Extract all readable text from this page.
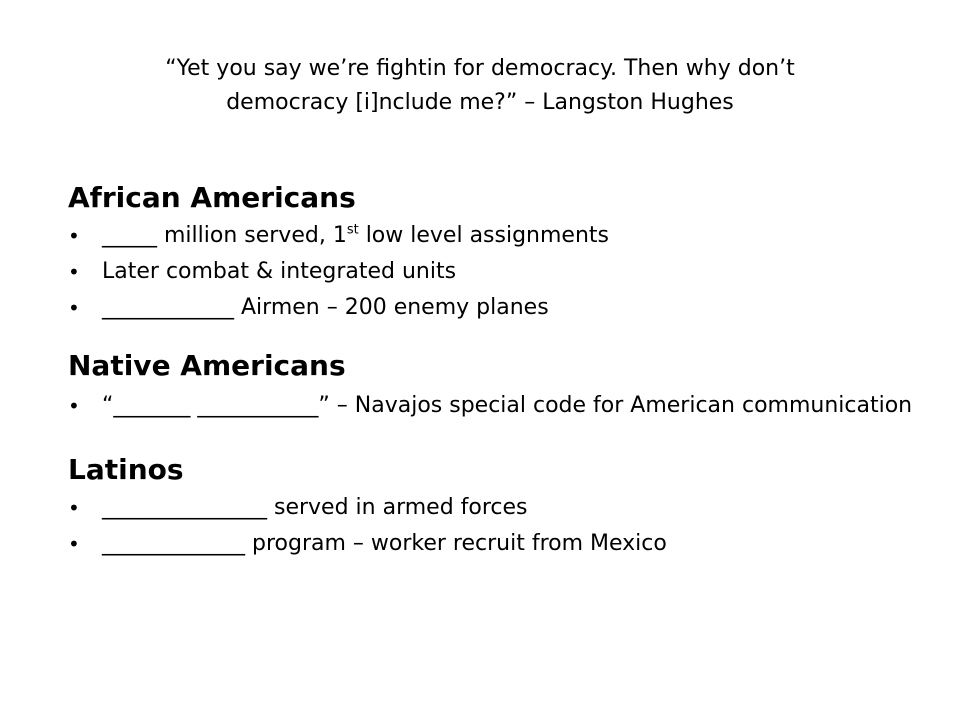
“Yet you say we’re fightin for democracy. Then why don’t
democracy [i]nclude me?” – Langston Hughes
African Americans
• _____ million served, 1st low level assignments
• Later combat & integrated units
• ____________ Airmen – 200 enemy planes
Native Americans
• “_______ ___________” – Navajos special code for American communication
Latinos
• _______________ served in armed forces
• _____________ program – worker recruit from Mexico
